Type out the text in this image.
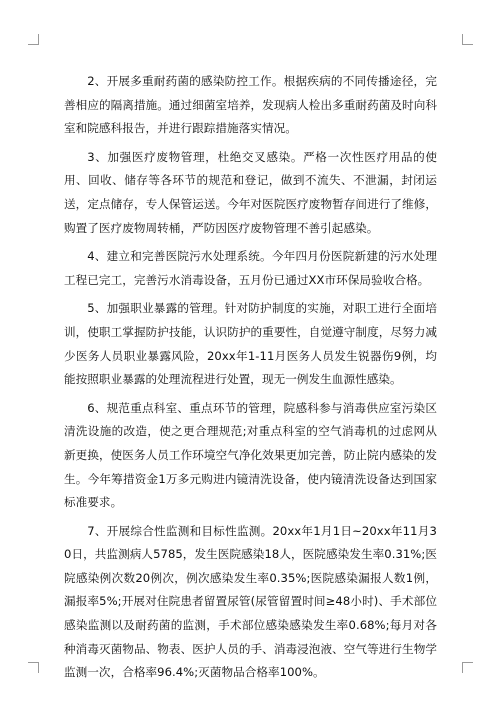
2、开展多重耐药菌的感染防控工作。根据疾病的不同传播途径，完善相应的隔离措施。通过细菌室培养，发现病人检出多重耐药菌及时向科室和院感科报告，并进行跟踪措施落实情况。

3、加强医疗废物管理，杜绝交叉感染。严格一次性医疗用品的使用、回收、储存等各环节的规范和登记，做到不流失、不泄漏，封闭运送，定点储存，专人保管运送。今年对医院医疗废物暂存间进行了维修，购置了医疗废物周转桶，严防因医疗废物管理不善引起感染。

4、建立和完善医院污水处理系统。今年四月份医院新建的污水处理工程已完工，完善污水消毒设备，五月份已通过XX市环保局验收合格。

5、加强职业暴露的管理。针对防护制度的实施，对职工进行全面培训，使职工掌握防护技能，认识防护的重要性，自觉遵守制度，尽努力减少医务人员职业暴露风险，20xx年1-11月医务人员发生锐器伤9例，均能按照职业暴露的处理流程进行处置，现无一例发生血源性感染。

6、规范重点科室、重点环节的管理，院感科参与消毒供应室污染区清洗设施的改造，使之更合理规范;对重点科室的空气消毒机的过虑网从新更换，使医务人员工作环境空气净化效果更加完善，防止院内感染的发生。今年筹措资金1万多元购进内镜清洗设备，使内镜清洗设备达到国家标准要求。

7、开展综合性监测和目标性监测。20xx年1月1日~20xx年11月30日，共监测病人5785，发生医院感染18人，医院感染发生率0.31%;医院感染例次数20例次，例次感染发生率0.35%;医院感染漏报人数1例，漏报率5%;开展对住院患者留置尿管(尿管留置时间≥48小时)、手术部位感染监测以及耐药菌的监测，手术部位感染感染发生率0.68%;每月对各种消毒灭菌物品、物表、医护人员的手、消毒浸泡液、空气等进行生物学监测一次，合格率96.4%;灭菌物品合格率100%。
